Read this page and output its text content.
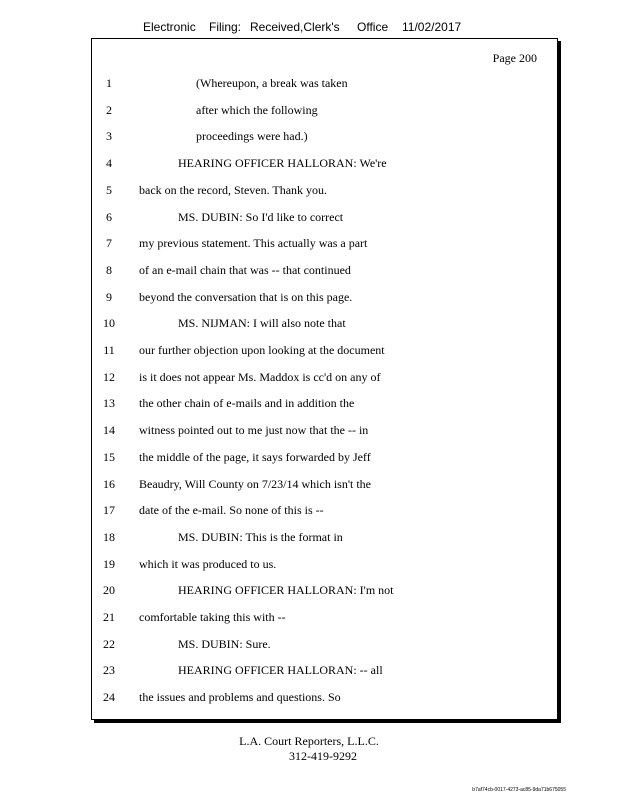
Electronic Filing: Received,Clerk's Office 11/02/2017
Page 200
1	(Whereupon, a break was taken
2	after which the following
3	proceedings were had.)
4	HEARING OFFICER HALLORAN: We're
5	back on the record, Steven. Thank you.
6	MS. DUBIN: So I'd like to correct
7	my previous statement. This actually was a part
8	of an e-mail chain that was -- that continued
9	beyond the conversation that is on this page.
10	MS. NIJMAN: I will also note that
11	our further objection upon looking at the document
12	is it does not appear Ms. Maddox is cc'd on any of
13	the other chain of e-mails and in addition the
14	witness pointed out to me just now that the -- in
15	the middle of the page, it says forwarded by Jeff
16	Beaudry, Will County on 7/23/14 which isn't the
17	date of the e-mail. So none of this is --
18	MS. DUBIN: This is the format in
19	which it was produced to us.
20	HEARING OFFICER HALLORAN: I'm not
21	comfortable taking this with --
22	MS. DUBIN: Sure.
23	HEARING OFFICER HALLORAN: -- all
24	the issues and problems and questions. So
L.A. Court Reporters, L.L.C.
312-419-9292
b7af74cb-0017-4273-ac85-9da71b675055
